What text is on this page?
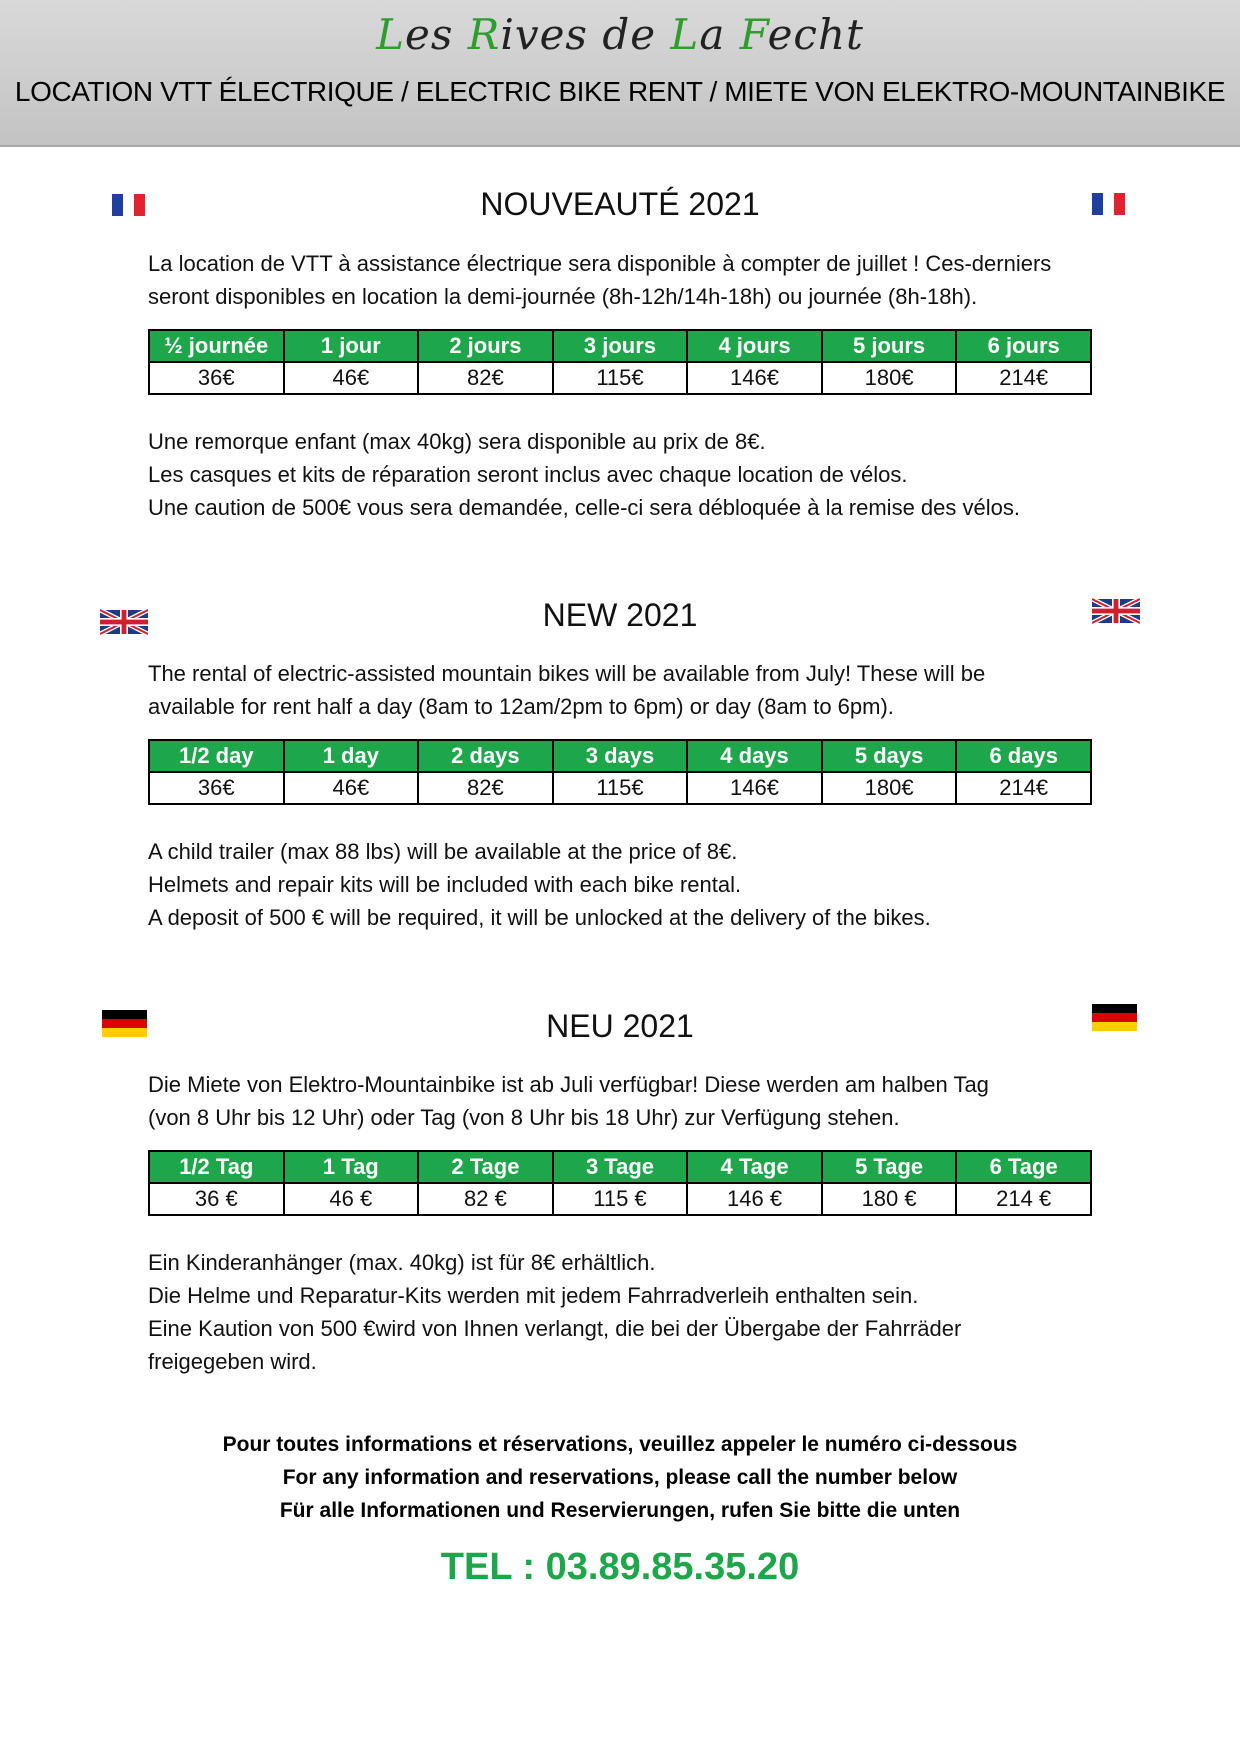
Les Rives de La Fecht
LOCATION VTT ÉLECTRIQUE / ELECTRIC BIKE RENT / MIETE VON ELEKTRO-MOUNTAINBIKE
NOUVEAUTÉ 2021

La location de VTT à assistance électrique sera disponible à compter de juillet ! Ces-derniers

seront disponibles en location la demi-journée (8h-12h/14h-18h) ou journée (8h-18h).

½ journée	1 jour	2 jours	3 jours	4 jours	5 jours	6 jours
36€	46€	82€	115€	146€	180€	214€

Une remorque enfant (max 40kg) sera disponible au prix de 8€.

Les casques et kits de réparation seront inclus avec chaque location de vélos.

Une caution de 500€ vous sera demandée, celle-ci sera débloquée à la remise des vélos.

NEW 2021

The rental of electric-assisted mountain bikes will be available from July! These will be

available for rent half a day (8am to 12am/2pm to 6pm) or day (8am to 6pm).

1/2 day	1 day	2 days	3 days	4 days	5 days	6 days
36€	46€	82€	115€	146€	180€	214€

A child trailer (max 88 lbs) will be available at the price of 8€.

Helmets and repair kits will be included with each bike rental.

A deposit of 500 € will be required, it will be unlocked at the delivery of the bikes.

NEU 2021

Die Miete von Elektro-Mountainbike ist ab Juli verfügbar! Diese werden am halben Tag

(von 8 Uhr bis 12 Uhr) oder Tag (von 8 Uhr bis 18 Uhr) zur Verfügung stehen.

1/2 Tag	1 Tag	2 Tage	3 Tage	4 Tage	5 Tage	6 Tage
36 €	46 €	82 €	115 €	146 €	180 €	214 €

Ein Kinderanhänger (max. 40kg) ist für 8€ erhältlich.

Die Helme und Reparatur-Kits werden mit jedem Fahrradverleih enthalten sein.

Eine Kaution von 500 €wird von Ihnen verlangt, die bei der Übergabe der Fahrräder

freigegeben wird.

Pour toutes informations et réservations, veuillez appeler le numéro ci-dessous

For any information and reservations, please call the number below

Für alle Informationen und Reservierungen, rufen Sie bitte die unten

TEL : 03.89.85.35.20
